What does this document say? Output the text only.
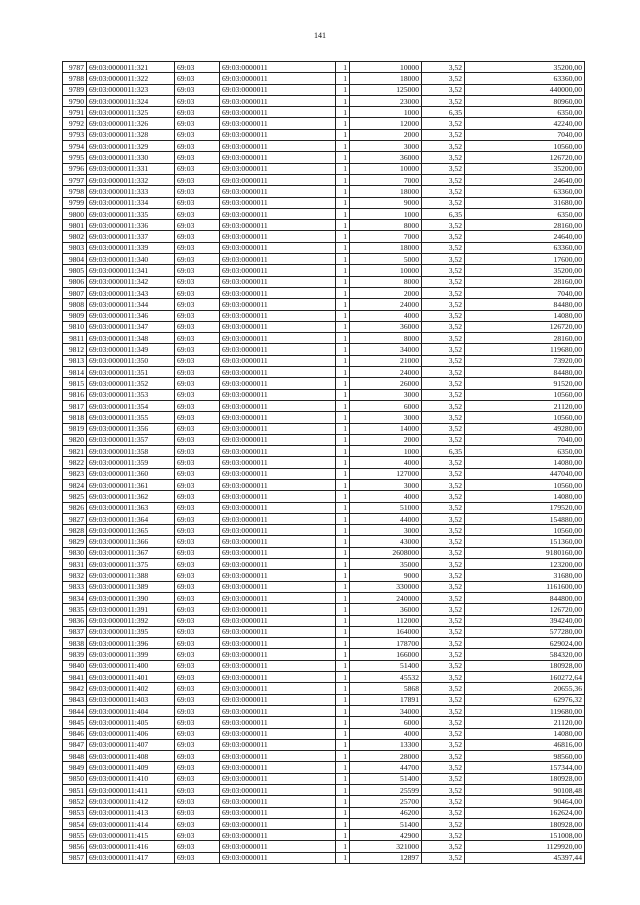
141
9787	69:03:0000011:321	69:03	69:03:0000011	1	10000	3,52	35200,00
9788	69:03:0000011:322	69:03	69:03:0000011	1	18000	3,52	63360,00
9789	69:03:0000011:323	69:03	69:03:0000011	1	125000	3,52	440000,00
9790	69:03:0000011:324	69:03	69:03:0000011	1	23000	3,52	80960,00
9791	69:03:0000011:325	69:03	69:03:0000011	1	1000	6,35	6350,00
9792	69:03:0000011:326	69:03	69:03:0000011	1	12000	3,52	42240,00
9793	69:03:0000011:328	69:03	69:03:0000011	1	2000	3,52	7040,00
9794	69:03:0000011:329	69:03	69:03:0000011	1	3000	3,52	10560,00
9795	69:03:0000011:330	69:03	69:03:0000011	1	36000	3,52	126720,00
9796	69:03:0000011:331	69:03	69:03:0000011	1	10000	3,52	35200,00
9797	69:03:0000011:332	69:03	69:03:0000011	1	7000	3,52	24640,00
9798	69:03:0000011:333	69:03	69:03:0000011	1	18000	3,52	63360,00
9799	69:03:0000011:334	69:03	69:03:0000011	1	9000	3,52	31680,00
9800	69:03:0000011:335	69:03	69:03:0000011	1	1000	6,35	6350,00
9801	69:03:0000011:336	69:03	69:03:0000011	1	8000	3,52	28160,00
9802	69:03:0000011:337	69:03	69:03:0000011	1	7000	3,52	24640,00
9803	69:03:0000011:339	69:03	69:03:0000011	1	18000	3,52	63360,00
9804	69:03:0000011:340	69:03	69:03:0000011	1	5000	3,52	17600,00
9805	69:03:0000011:341	69:03	69:03:0000011	1	10000	3,52	35200,00
9806	69:03:0000011:342	69:03	69:03:0000011	1	8000	3,52	28160,00
9807	69:03:0000011:343	69:03	69:03:0000011	1	2000	3,52	7040,00
9808	69:03:0000011:344	69:03	69:03:0000011	1	24000	3,52	84480,00
9809	69:03:0000011:346	69:03	69:03:0000011	1	4000	3,52	14080,00
9810	69:03:0000011:347	69:03	69:03:0000011	1	36000	3,52	126720,00
9811	69:03:0000011:348	69:03	69:03:0000011	1	8000	3,52	28160,00
9812	69:03:0000011:349	69:03	69:03:0000011	1	34000	3,52	119680,00
9813	69:03:0000011:350	69:03	69:03:0000011	1	21000	3,52	73920,00
9814	69:03:0000011:351	69:03	69:03:0000011	1	24000	3,52	84480,00
9815	69:03:0000011:352	69:03	69:03:0000011	1	26000	3,52	91520,00
9816	69:03:0000011:353	69:03	69:03:0000011	1	3000	3,52	10560,00
9817	69:03:0000011:354	69:03	69:03:0000011	1	6000	3,52	21120,00
9818	69:03:0000011:355	69:03	69:03:0000011	1	3000	3,52	10560,00
9819	69:03:0000011:356	69:03	69:03:0000011	1	14000	3,52	49280,00
9820	69:03:0000011:357	69:03	69:03:0000011	1	2000	3,52	7040,00
9821	69:03:0000011:358	69:03	69:03:0000011	1	1000	6,35	6350,00
9822	69:03:0000011:359	69:03	69:03:0000011	1	4000	3,52	14080,00
9823	69:03:0000011:360	69:03	69:03:0000011	1	127000	3,52	447040,00
9824	69:03:0000011:361	69:03	69:03:0000011	1	3000	3,52	10560,00
9825	69:03:0000011:362	69:03	69:03:0000011	1	4000	3,52	14080,00
9826	69:03:0000011:363	69:03	69:03:0000011	1	51000	3,52	179520,00
9827	69:03:0000011:364	69:03	69:03:0000011	1	44000	3,52	154880,00
9828	69:03:0000011:365	69:03	69:03:0000011	1	3000	3,52	10560,00
9829	69:03:0000011:366	69:03	69:03:0000011	1	43000	3,52	151360,00
9830	69:03:0000011:367	69:03	69:03:0000011	1	2608000	3,52	9180160,00
9831	69:03:0000011:375	69:03	69:03:0000011	1	35000	3,52	123200,00
9832	69:03:0000011:388	69:03	69:03:0000011	1	9000	3,52	31680,00
9833	69:03:0000011:389	69:03	69:03:0000011	1	330000	3,52	1161600,00
9834	69:03:0000011:390	69:03	69:03:0000011	1	240000	3,52	844800,00
9835	69:03:0000011:391	69:03	69:03:0000011	1	36000	3,52	126720,00
9836	69:03:0000011:392	69:03	69:03:0000011	1	112000	3,52	394240,00
9837	69:03:0000011:395	69:03	69:03:0000011	1	164000	3,52	577280,00
9838	69:03:0000011:396	69:03	69:03:0000011	1	178700	3,52	629024,00
9839	69:03:0000011:399	69:03	69:03:0000011	1	166000	3,52	584320,00
9840	69:03:0000011:400	69:03	69:03:0000011	1	51400	3,52	180928,00
9841	69:03:0000011:401	69:03	69:03:0000011	1	45532	3,52	160272,64
9842	69:03:0000011:402	69:03	69:03:0000011	1	5868	3,52	20655,36
9843	69:03:0000011:403	69:03	69:03:0000011	1	17891	3,52	62976,32
9844	69:03:0000011:404	69:03	69:03:0000011	1	34000	3,52	119680,00
9845	69:03:0000011:405	69:03	69:03:0000011	1	6000	3,52	21120,00
9846	69:03:0000011:406	69:03	69:03:0000011	1	4000	3,52	14080,00
9847	69:03:0000011:407	69:03	69:03:0000011	1	13300	3,52	46816,00
9848	69:03:0000011:408	69:03	69:03:0000011	1	28000	3,52	98560,00
9849	69:03:0000011:409	69:03	69:03:0000011	1	44700	3,52	157344,00
9850	69:03:0000011:410	69:03	69:03:0000011	1	51400	3,52	180928,00
9851	69:03:0000011:411	69:03	69:03:0000011	1	25599	3,52	90108,48
9852	69:03:0000011:412	69:03	69:03:0000011	1	25700	3,52	90464,00
9853	69:03:0000011:413	69:03	69:03:0000011	1	46200	3,52	162624,00
9854	69:03:0000011:414	69:03	69:03:0000011	1	51400	3,52	180928,00
9855	69:03:0000011:415	69:03	69:03:0000011	1	42900	3,52	151008,00
9856	69:03:0000011:416	69:03	69:03:0000011	1	321000	3,52	1129920,00
9857	69:03:0000011:417	69:03	69:03:0000011	1	12897	3,52	45397,44
